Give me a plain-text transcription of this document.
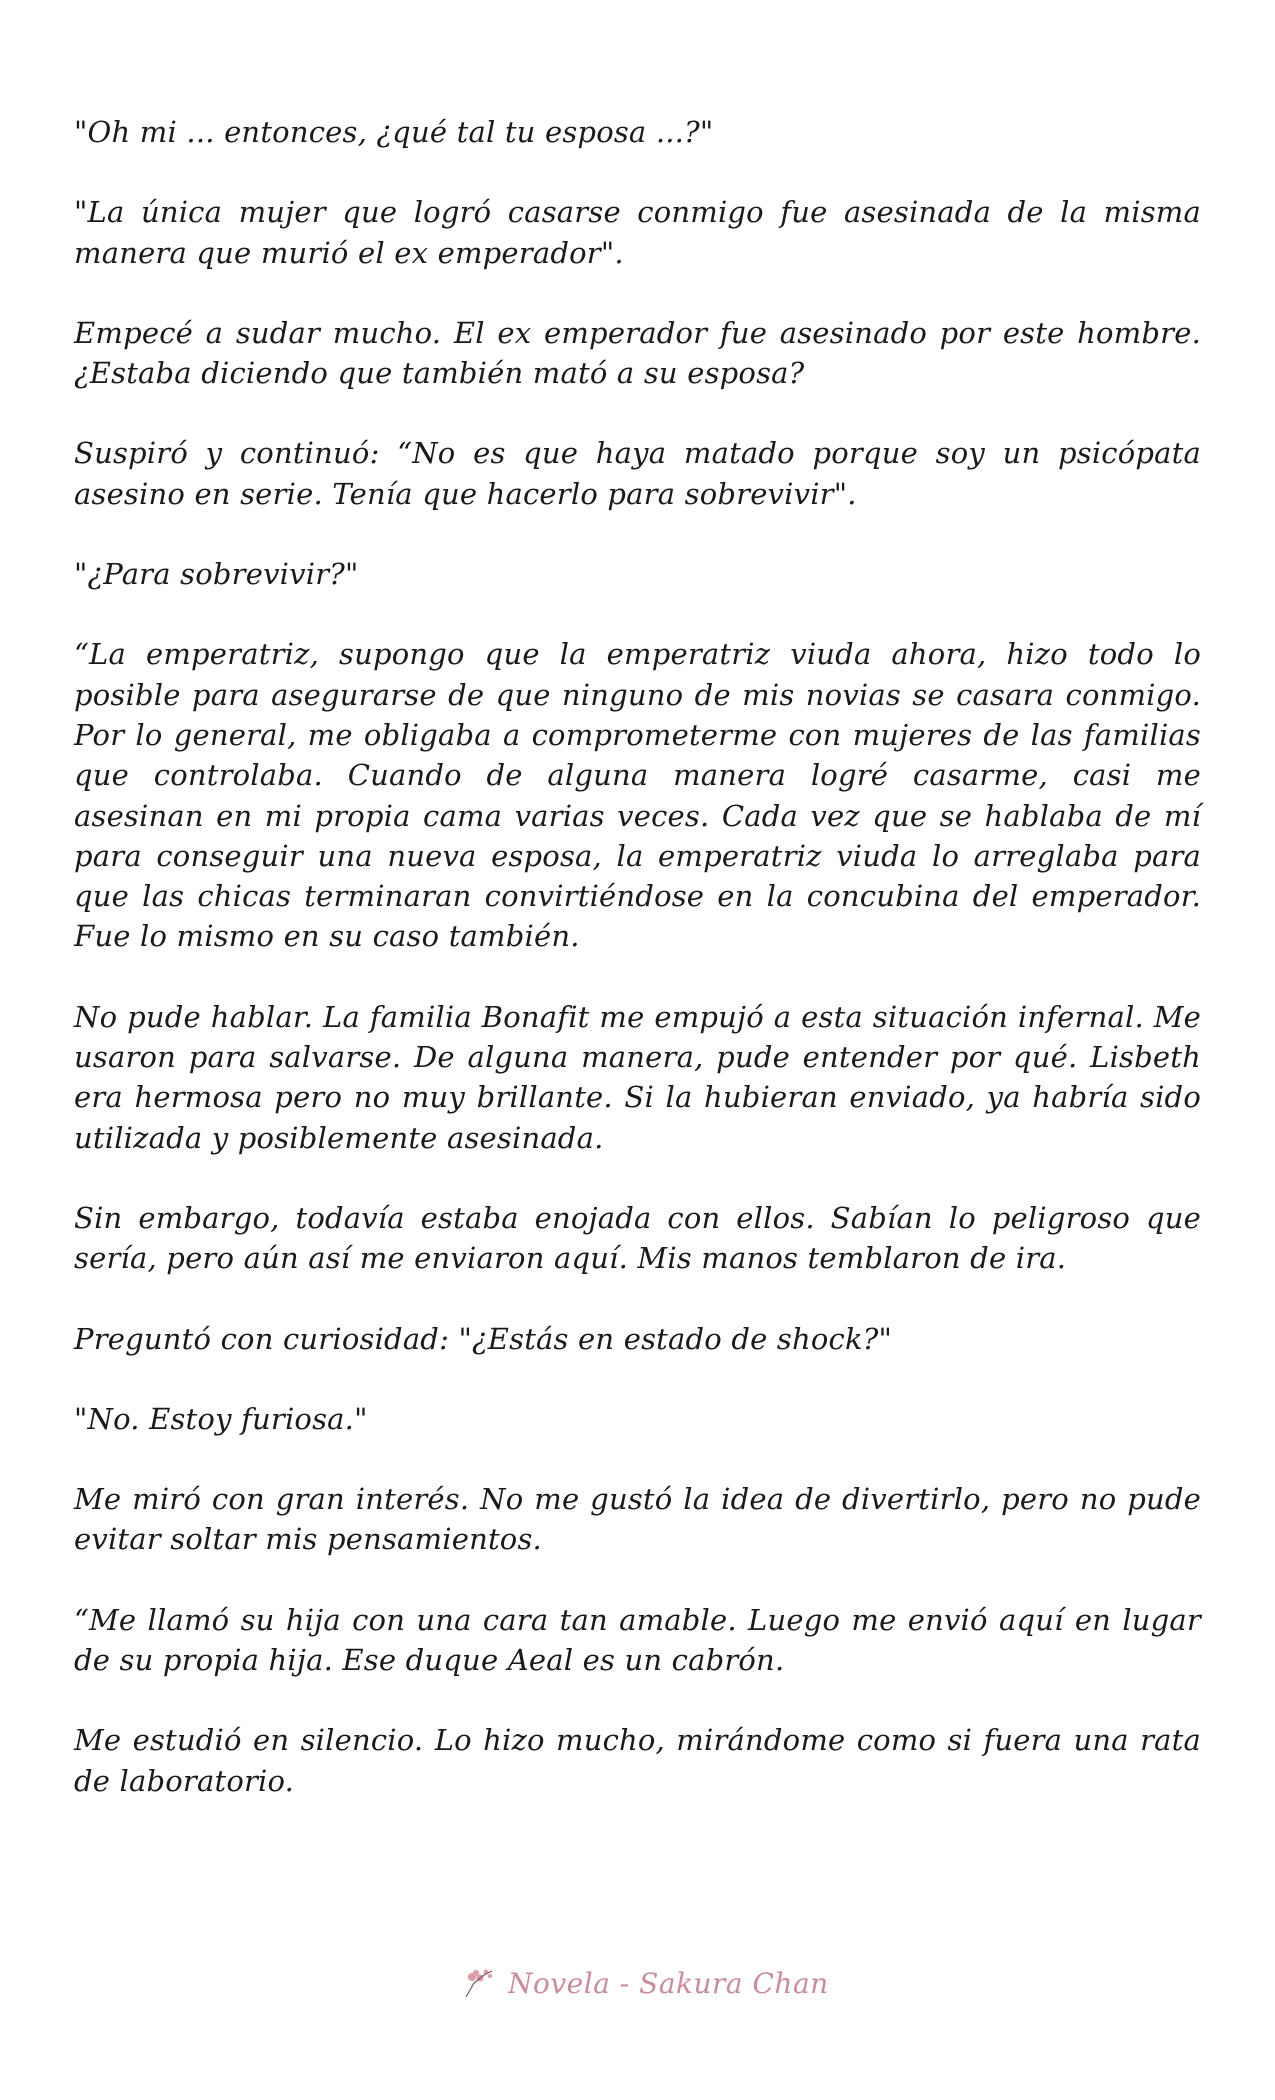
"Oh mi ... entonces, ¿qué tal tu esposa ...?"

"La única mujer que logró casarse conmigo fue asesinada de la misma manera que murió el ex emperador".

Empecé a sudar mucho. El ex emperador fue asesinado por este hombre. ¿Estaba diciendo que también mató a su esposa?

Suspiró y continuó: “No es que haya matado porque soy un psicópata asesino en serie. Tenía que hacerlo para sobrevivir".

"¿Para sobrevivir?"

“La emperatriz, supongo que la emperatriz viuda ahora, hizo todo lo posible para asegurarse de que ninguno de mis novias se casara conmigo. Por lo general, me obligaba a comprometerme con mujeres de las familias que controlaba. Cuando de alguna manera logré casarme, casi me asesinan en mi propia cama varias veces. Cada vez que se hablaba de mí para conseguir una nueva esposa, la emperatriz viuda lo arreglaba para que las chicas terminaran convirtiéndose en la concubina del emperador. Fue lo mismo en su caso también.

No pude hablar. La familia Bonafit me empujó a esta situación infernal. Me usaron para salvarse. De alguna manera, pude entender por qué. Lisbeth era hermosa pero no muy brillante. Si la hubieran enviado, ya habría sido utilizada y posiblemente asesinada.

Sin embargo, todavía estaba enojada con ellos. Sabían lo peligroso que sería, pero aún así me enviaron aquí. Mis manos temblaron de ira.

Preguntó con curiosidad: "¿Estás en estado de shock?"

"No. Estoy furiosa."

Me miró con gran interés. No me gustó la idea de divertirlo, pero no pude evitar soltar mis pensamientos.

“Me llamó su hija con una cara tan amable. Luego me envió aquí en lugar de su propia hija. Ese duque Aeal es un cabrón.

Me estudió en silencio. Lo hizo mucho, mirándome como si fuera una rata de laboratorio.

Novela - Sakura Chan
